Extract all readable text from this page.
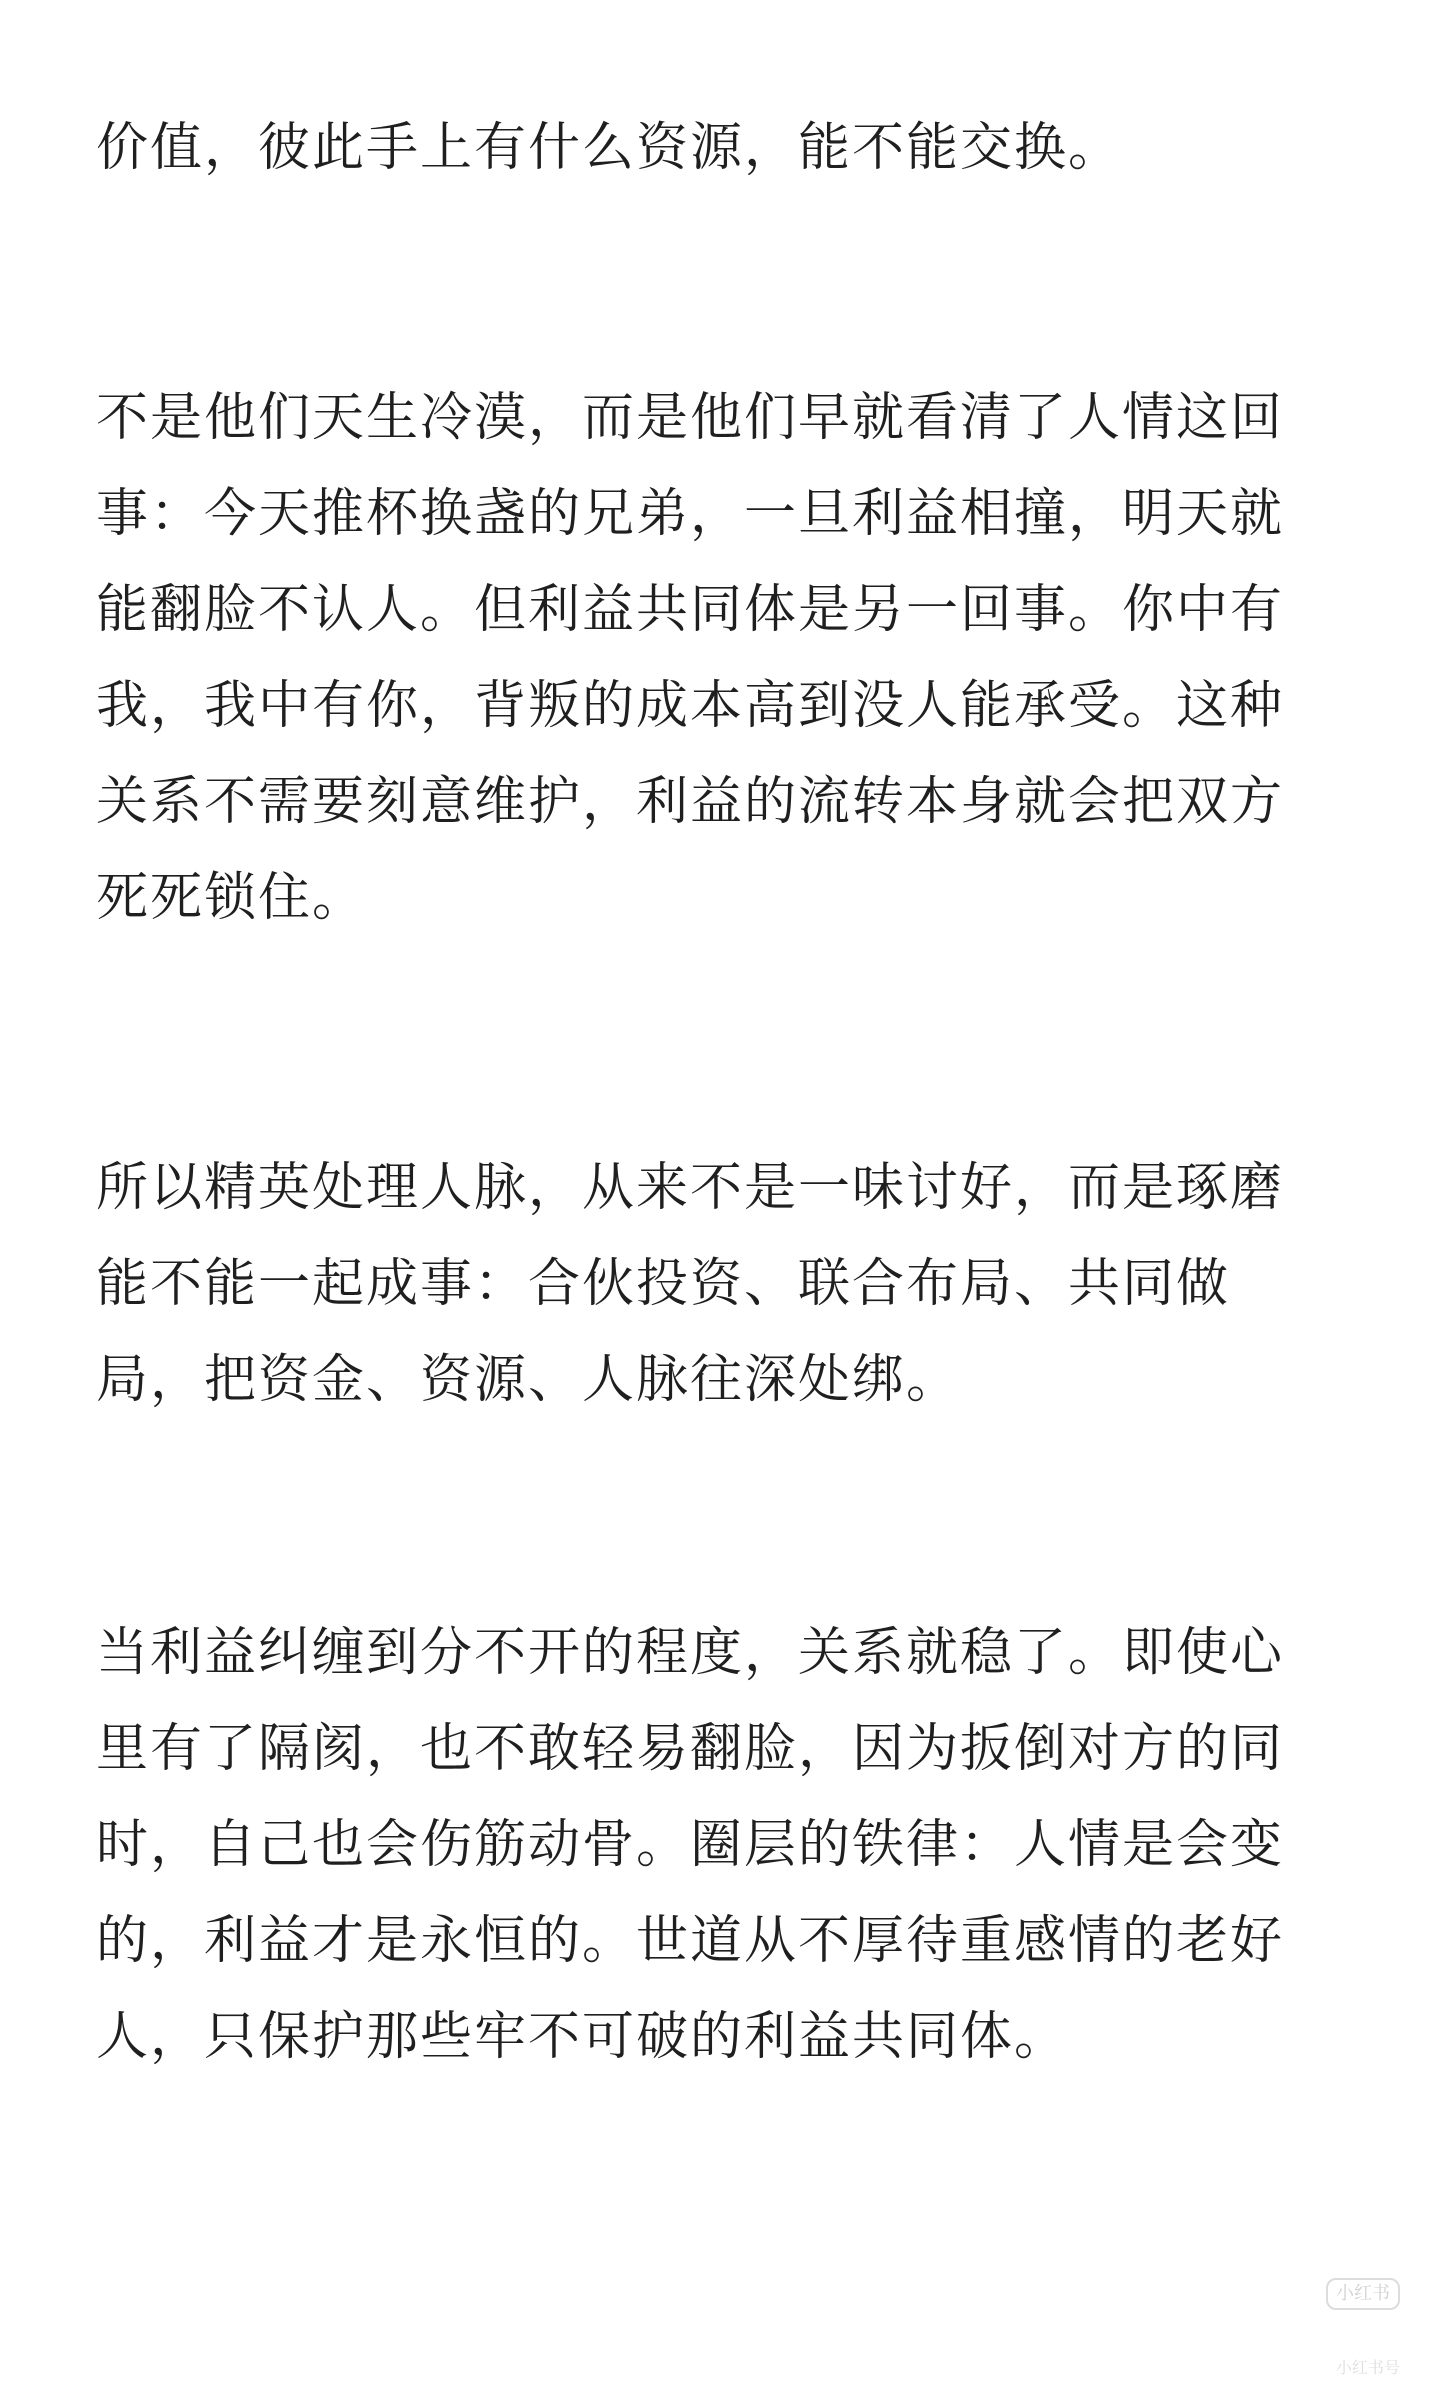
价值，彼此手上有什么资源，能不能交换。
不是他们天生冷漠，而是他们早就看清了人情这回
事：今天推杯换盏的兄弟，一旦利益相撞，明天就
能翻脸不认人。但利益共同体是另一回事。你中有
我，我中有你，背叛的成本高到没人能承受。这种
关系不需要刻意维护，利益的流转本身就会把双方
死死锁住。
所以精英处理人脉，从来不是一味讨好，而是琢磨
能不能一起成事：合伙投资、联合布局、共同做
局，把资金、资源、人脉往深处绑。
当利益纠缠到分不开的程度，关系就稳了。即使心
里有了隔阂，也不敢轻易翻脸，因为扳倒对方的同
时，自己也会伤筋动骨。圈层的铁律：人情是会变
的，利益才是永恒的。世道从不厚待重感情的老好
人，只保护那些牢不可破的利益共同体。
小红书
小红书号
